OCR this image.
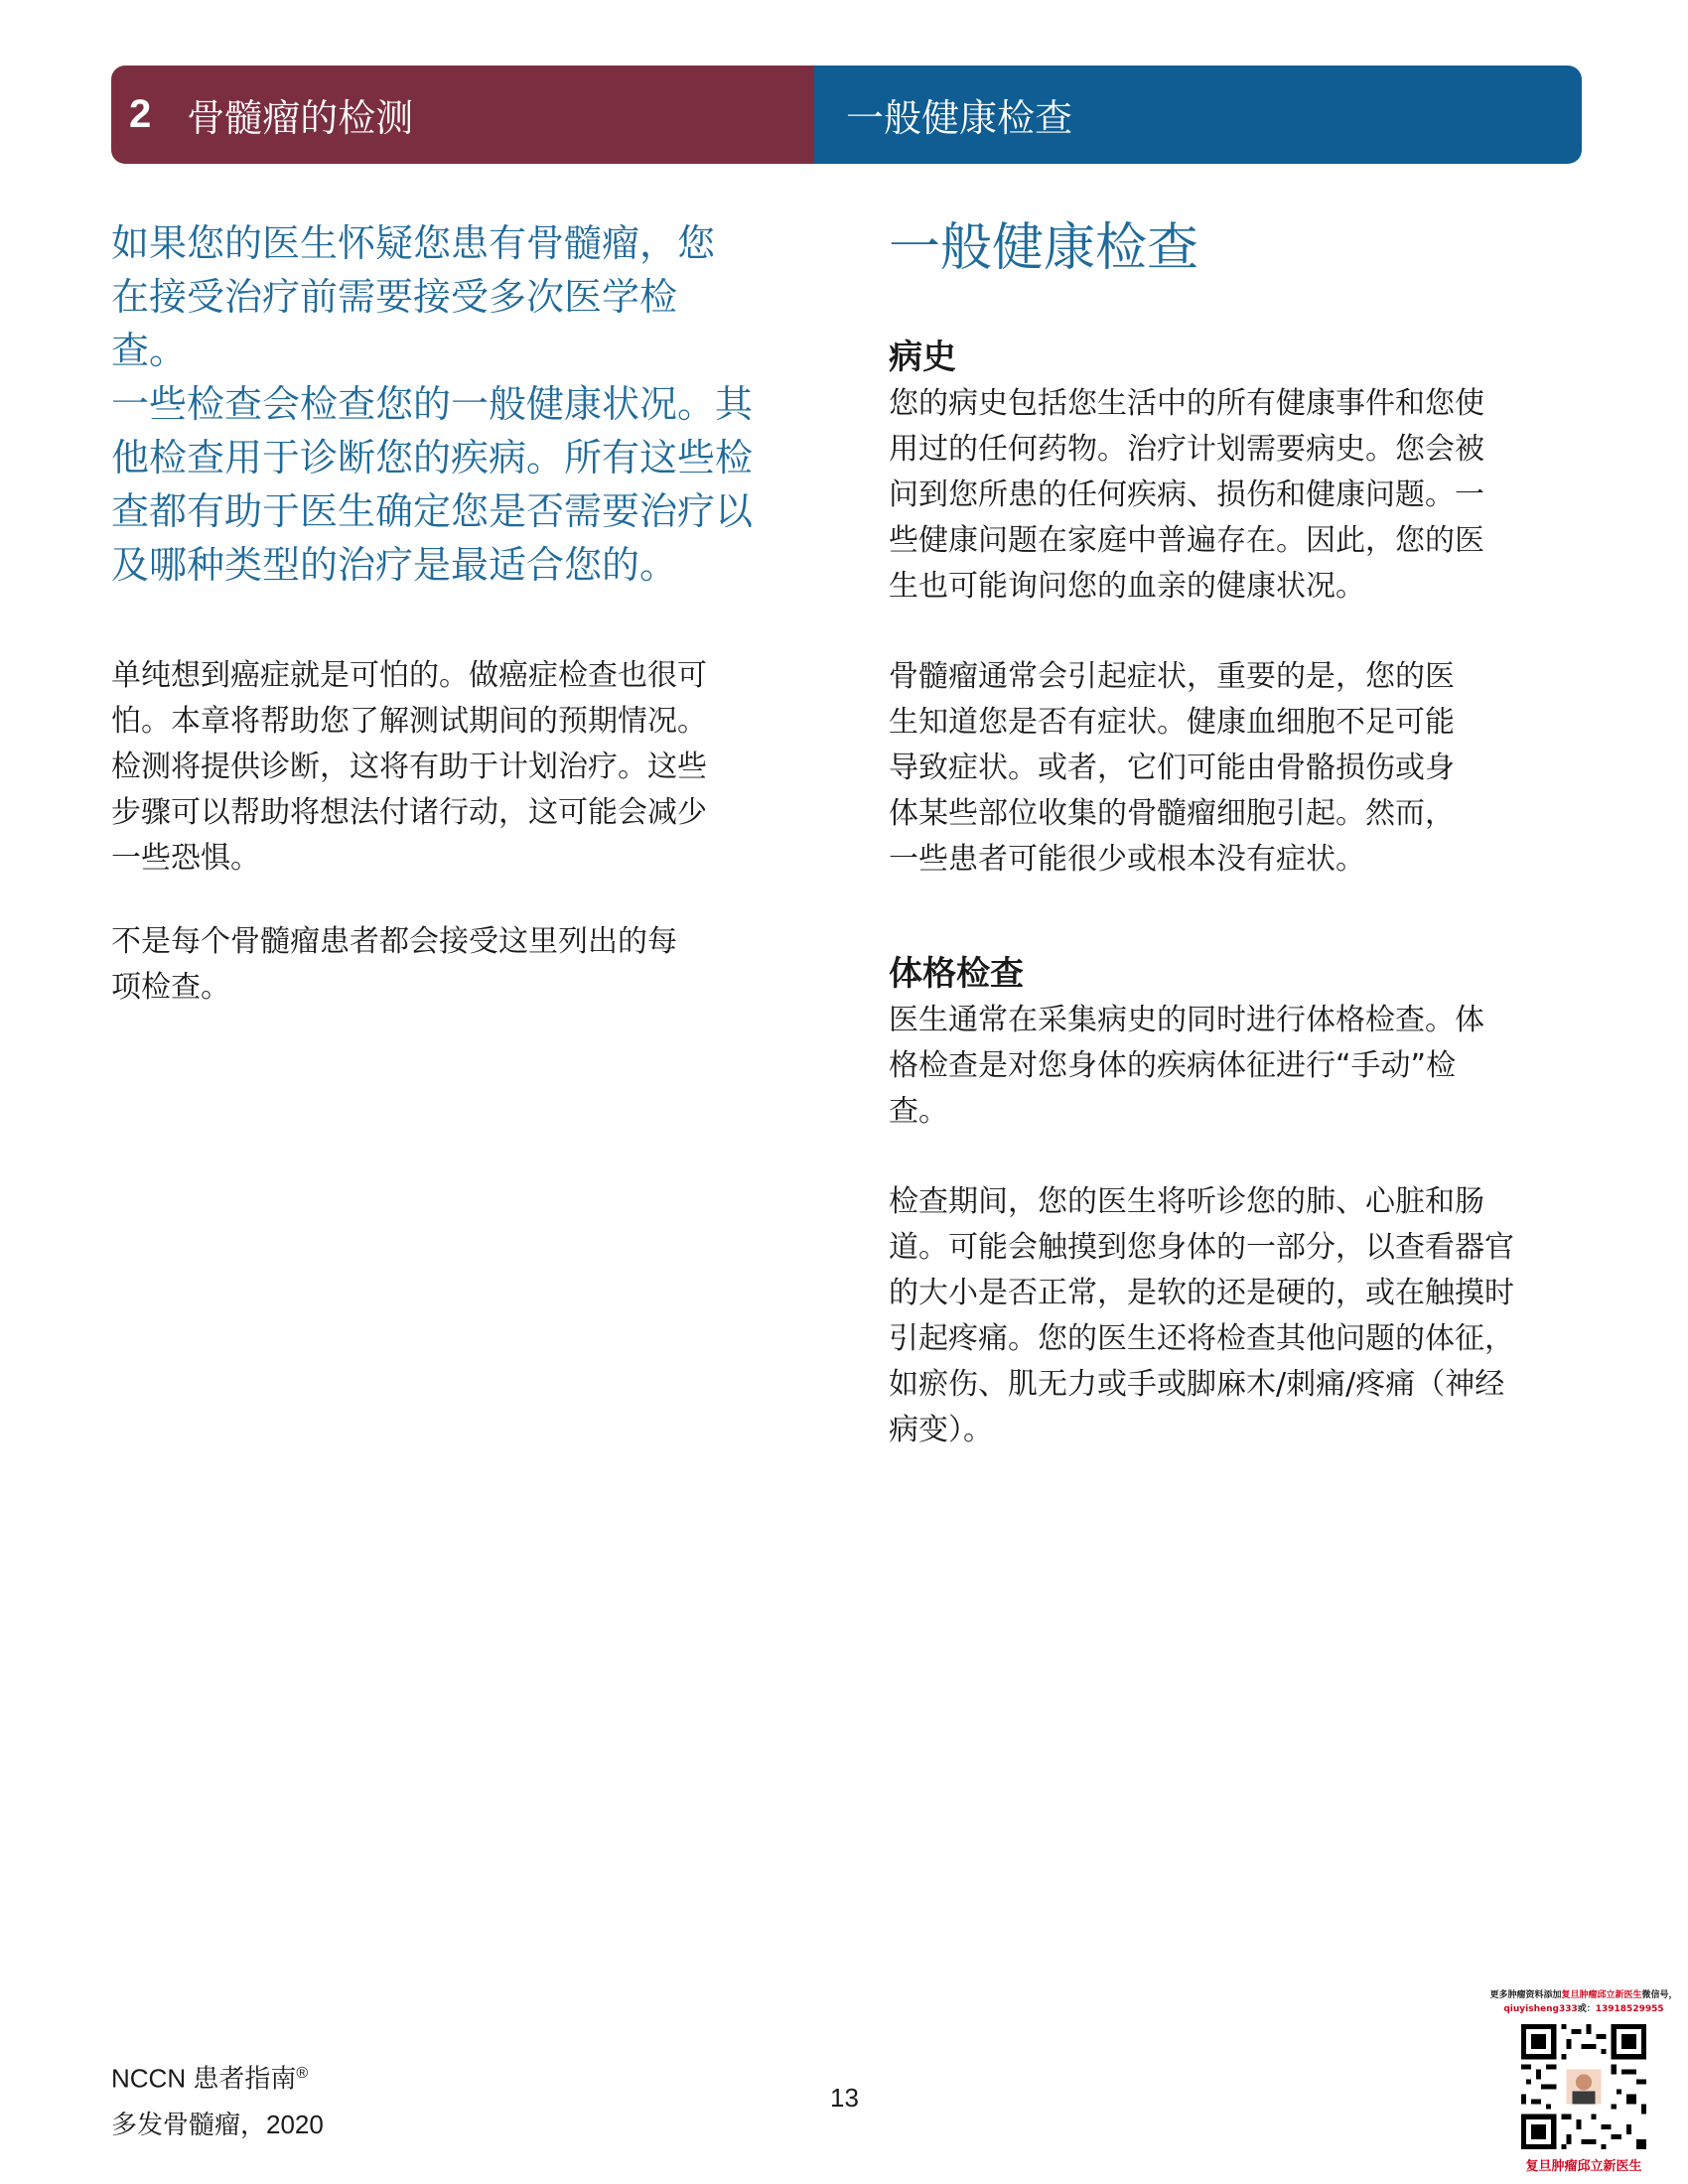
2 骨髓瘤的检测	一般健康检查

如果您的医生怀疑您患有骨髓瘤，您
在接受治疗前需要接受多次医学检
查。
一些检查会检查您的一般健康状况。其
他检查用于诊断您的疾病。所有这些检
查都有助于医生确定您是否需要治疗以
及哪种类型的治疗是最适合您的。

单纯想到癌症就是可怕的。做癌症检查也很可
怕。本章将帮助您了解测试期间的预期情况。
检测将提供诊断，这将有助于计划治疗。这些
步骤可以帮助将想法付诸行动，这可能会减少
一些恐惧。

不是每个骨髓瘤患者都会接受这里列出的每
项检查。

一般健康检查
病史

您的病史包括您生活中的所有健康事件和您使
用过的任何药物。治疗计划需要病史。您会被
问到您所患的任何疾病、损伤和健康问题。一
些健康问题在家庭中普遍存在。因此，您的医
生也可能询问您的血亲的健康状况。

骨髓瘤通常会引起症状，重要的是，您的医
生知道您是否有症状。健康血细胞不足可能
导致症状。或者，它们可能由骨骼损伤或身
体某些部位收集的骨髓瘤细胞引起。然而，
一些患者可能很少或根本没有症状。

体格检查

医生通常在采集病史的同时进行体格检查。体
格检查是对您身体的疾病体征进行“手动”检
查。

检查期间，您的医生将听诊您的肺、心脏和肠
道。可能会触摸到您身体的一部分，以查看器官
的大小是否正常，是软的还是硬的，或在触摸时
引起疼痛。您的医生还将检查其他问题的体征，
如瘀伤、肌无力或手或脚麻木/刺痛/疼痛（神经
病变）。

NCCN 患者指南®
多发骨髓瘤，2020
13
更多肿瘤资料添加复旦肿瘤邱立新医生微信号，
qiuyisheng333或：13918529955
复旦肿瘤邱立新医生
